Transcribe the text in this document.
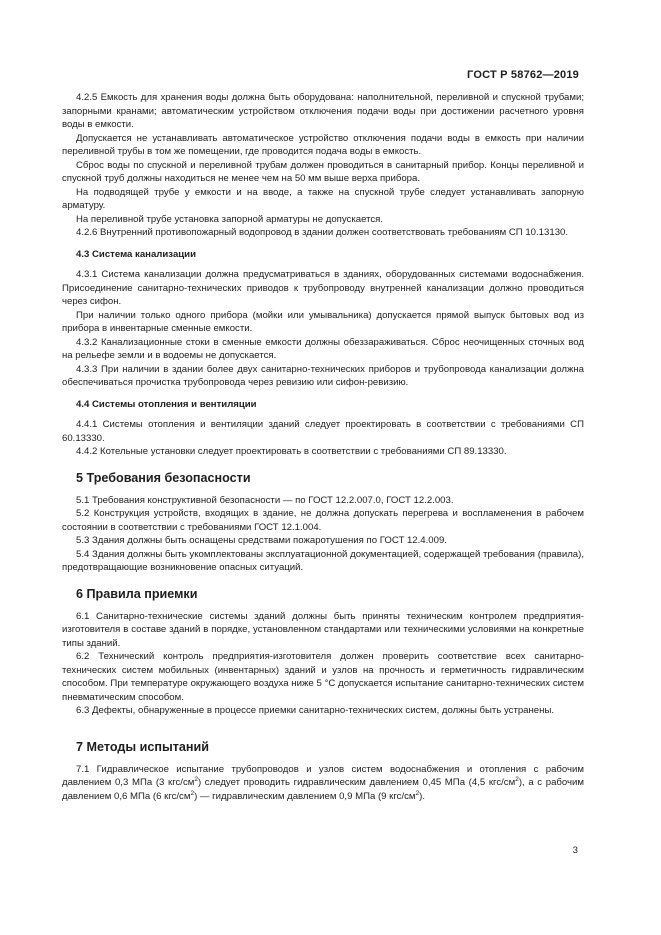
ГОСТ Р 58762—2019

4.2.5 Емкость для хранения воды должна быть оборудована: наполнительной, переливной и спускной трубами; запорными кранами; автоматическим устройством отключения подачи воды при достижении расчетного уровня воды в емкости.

Допускается не устанавливать автоматическое устройство отключения подачи воды в емкость при наличии переливной трубы в том же помещении, где проводится подача воды в емкость.

Сброс воды по спускной и переливной трубам должен проводиться в санитарный прибор. Концы переливной и спускной труб должны находиться не менее чем на 50 мм выше верха прибора.

На подводящей трубе у емкости и на вводе, а также на спускной трубе следует устанавливать запорную арматуру.

На переливной трубе установка запорной арматуры не допускается.

4.2.6 Внутренний противопожарный водопровод в здании должен соответствовать требованиям СП 10.13130.

4.3 Система канализации

4.3.1 Система канализации должна предусматриваться в зданиях, оборудованных системами водоснабжения. Присоединение санитарно-технических приводов к трубопроводу внутренней канализации должно проводиться через сифон.

При наличии только одного прибора (мойки или умывальника) допускается прямой выпуск бытовых вод из прибора в инвентарные сменные емкости.

4.3.2 Канализационные стоки в сменные емкости должны обеззараживаться. Сброс неочищенных сточных вод на рельефе земли и в водоемы не допускается.

4.3.3 При наличии в здании более двух санитарно-технических приборов и трубопровода канализации должна обеспечиваться прочистка трубопровода через ревизию или сифон-ревизию.

4.4 Системы отопления и вентиляции

4.4.1 Системы отопления и вентиляции зданий следует проектировать в соответствии с требованиями СП 60.13330.

4.4.2 Котельные установки следует проектировать в соответствии с требованиями СП 89.13330.

5 Требования безопасности

5.1 Требования конструктивной безопасности — по ГОСТ 12.2.007.0, ГОСТ 12.2.003.

5.2 Конструкция устройств, входящих в здание, не должна допускать перегрева и воспламенения в рабочем состоянии в соответствии с требованиями ГОСТ 12.1.004.

5.3 Здания должны быть оснащены средствами пожаротушения по ГОСТ 12.4.009.

5.4 Здания должны быть укомплектованы эксплуатационной документацией, содержащей требования (правила), предотвращающие возникновение опасных ситуаций.

6 Правила приемки

6.1 Санитарно-технические системы зданий должны быть приняты техническим контролем предприятия-изготовителя в составе зданий в порядке, установленном стандартами или техническими условиями на конкретные типы зданий.

6.2 Технический контроль предприятия-изготовителя должен проверить соответствие всех санитарно-технических систем мобильных (инвентарных) зданий и узлов на прочность и герметичность гидравлическим способом. При температуре окружающего воздуха ниже 5 °С допускается испытание санитарно-технических систем пневматическим способом.

6.3 Дефекты, обнаруженные в процессе приемки санитарно-технических систем, должны быть устранены.

7 Методы испытаний

7.1 Гидравлическое испытание трубопроводов и узлов систем водоснабжения и отопления с рабочим давлением 0,3 МПа (3 кгс/$см^2$) следует проводить гидравлическим давлением 0,45 МПа (4,5 кгс/$см^2$), а с рабочим давлением 0,6 МПа (6 кгс/$см^2$) — гидравлическим давлением 0,9 МПа (9 кгс/$см^2$).

3
